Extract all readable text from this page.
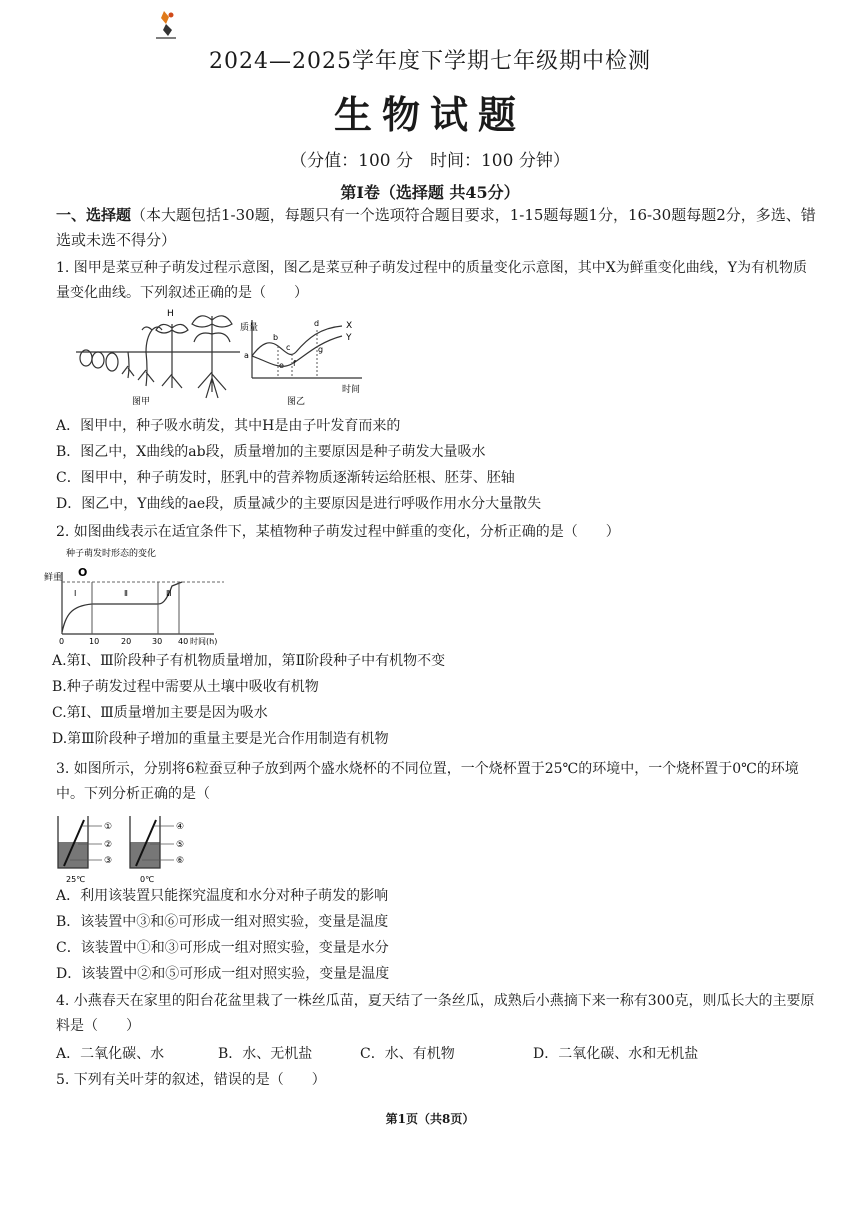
2024—2025学年度下学期七年级期中检测
生物试题
（分值：100 分　时间：100 分钟）
第Ⅰ卷（选择题 共45分）
一、选择题（本大题包括1-30题，每题只有一个选项符合题目要求，1-15题每题1分，16-30题每题2分，多选、错选或未选不得分）
1. 图甲是菜豆种子萌发过程示意图，图乙是菜豆种子萌发过程中的质量变化示意图，其中X为鲜重变化曲线，Y为有机物质量变化曲线。下列叙述正确的是（　　）
H
图甲
质量
时间
a
b
c
d
e f
g
X
Y
图乙
A．图甲中，种子吸水萌发，其中H是由子叶发育而来的
B．图乙中，X曲线的ab段，质量增加的主要原因是种子萌发大量吸水
C．图甲中，种子萌发时，胚乳中的营养物质逐渐转运给胚根、胚芽、胚轴
D．图乙中，Y曲线的ae段，质量减少的主要原因是进行呼吸作用水分大量散失
2. 如图曲线表示在适宜条件下，某植物种子萌发过程中鲜重的变化，分析正确的是（　　）
种子萌发时形态的变化
鲜重 O
Ⅰ	Ⅱ	Ⅲ
0	10	20	30 40 时间(h)
A.第Ⅰ、Ⅲ阶段种子有机物质量增加，第Ⅱ阶段种子中有机物不变
B.种子萌发过程中需要从土壤中吸收有机物
C.第Ⅰ、Ⅲ质量增加主要是因为吸水
D.第Ⅲ阶段种子增加的重量主要是光合作用制造有机物
3. 如图所示，分别将6粒蚕豆种子放到两个盛水烧杯的不同位置，一个烧杯置于25℃的环境中，一个烧杯置于0℃的环境中。下列分析正确的是（
①
②
③
④
⑤
⑥
25℃	0℃
A．利用该装置只能探究温度和水分对种子萌发的影响
B．该装置中③和⑥可形成一组对照实验，变量是温度
C．该装置中①和③可形成一组对照实验，变量是水分
D．该装置中②和⑤可形成一组对照实验，变量是温度
4. 小燕春天在家里的阳台花盆里栽了一株丝瓜苗，夏天结了一条丝瓜，成熟后小燕摘下来一称有300克，则瓜长大的主要原料是（　　）
A．二氧化碳、水	B．水、无机盐	C．水、有机物	D．二氧化碳、水和无机盐
5. 下列有关叶芽的叙述，错误的是（　　）
第1页（共8页）
